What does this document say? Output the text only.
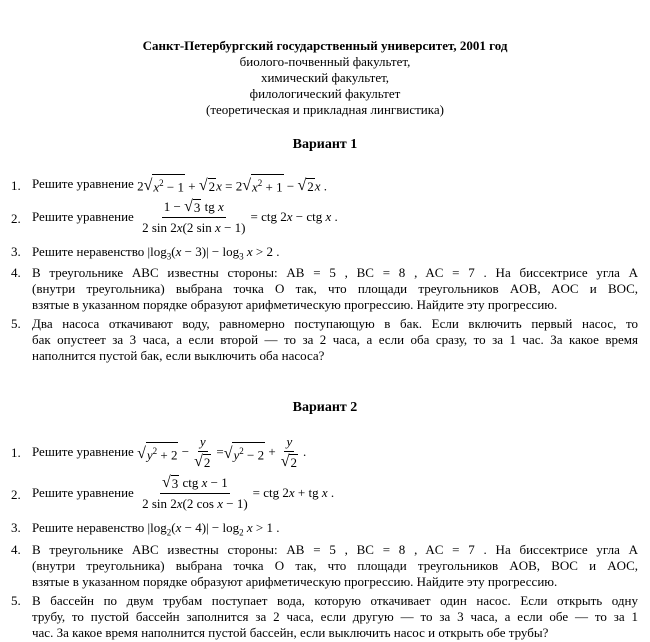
Санкт-Петербургский государственный университет, 2001 год
биолого-почвенный факультет,
химический факультет,
филологический факультет
(теоретическая и прикладная лингвистика)
Вариант 1
1. Решите уравнение
2 √ $x^2 - 1$ + √ 2 x = 2 √ $x^2 + 1$ − √ 2 x .
2. Решите уравнение
$\frac{\text{1 − √ 3 tg x}}{\text{2 sin 2x(2 sin x − 1)}}$ = ctg 2x − ctg x .
3. Решите неравенство $|\log_3(x - 3)| - \log_3 x > 2$ .
4. В треугольнике ABC известны стороны: AB = 5 , BC = 8 , AC = 7 . На биссектрисе угла A
(внутри треугольника) выбрана точка O так, что площади треугольников AOB, AOC и BOC,
взятые в указанном порядке образуют арифметическую прогрессию. Найдите эту прогрессию.
5. Два насоса откачивают воду, равномерно поступающую в бак. Если включить первый насос, то
бак опустеет за 3 часа, а если второй — то за 2 часа, а если оба сразу, то за 1 час. За какое время
наполнится пустой бак, если выключить оба насоса?
Вариант 2
1. Решите уравнение
√ $y^2 + 2 - \frac{y}{√ 2}$ = √ $y^2 - 2 + \frac{y}{√ 2}$ .
2. Решите уравнение
$\frac{\text{√ 3 ctg x − 1}}{\text{2 sin 2x(2 cos x − 1)}}$ = ctg 2x + tg x .
3. Решите неравенство $|\log_2(x - 4)| - \log_2 x > 1$ .
4. В треугольнике ABC известны стороны: AB = 5 , BC = 8 , AC = 7 . На биссектрисе угла A
(внутри треугольника) выбрана точка O так, что площади треугольников AOB, BOC и AOC,
взятые в указанном порядке образуют арифметическую прогрессию. Найдите эту прогрессию.
5. В бассейн по двум трубам поступает вода, которую откачивает один насос. Если открыть одну
трубу, то пустой бассейн заполнится за 2 часа, если другую — то за 3 часа, а если обе — то за 1
час. За какое время наполнится пустой бассейн, если выключить насос и открыть обе трубы?
